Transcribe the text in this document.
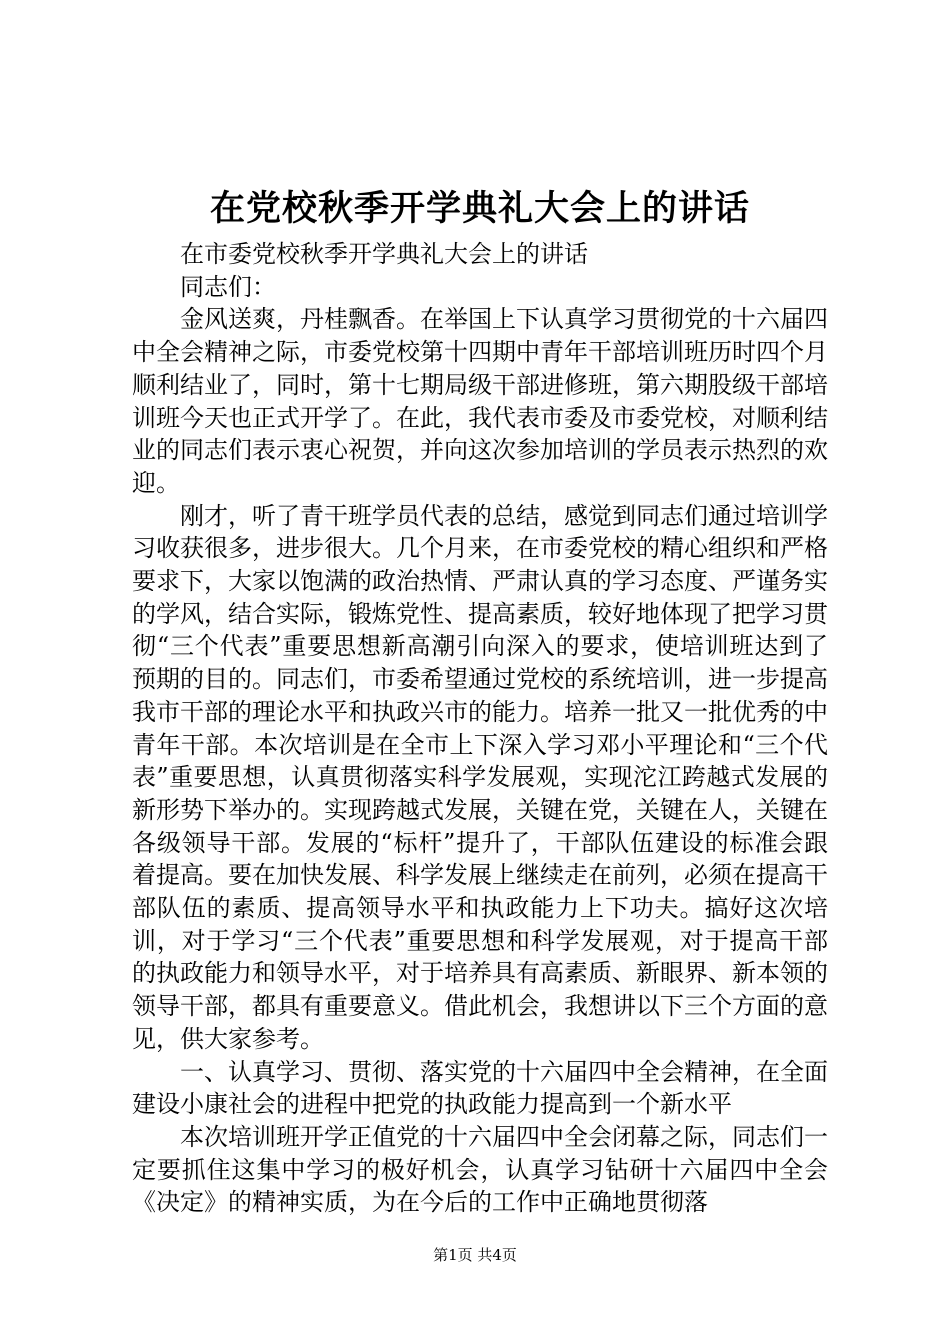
在党校秋季开学典礼大会上的讲话

在市委党校秋季开学典礼大会上的讲话

同志们：

金风送爽，丹桂飘香。在举国上下认真学习贯彻党的十六届四中全会精神之际，市委党校第十四期中青年干部培训班历时四个月顺利结业了，同时，第十七期局级干部进修班，第六期股级干部培训班今天也正式开学了。在此，我代表市委及市委党校，对顺利结业的同志们表示衷心祝贺，并向这次参加培训的学员表示热烈的欢迎。

刚才，听了青干班学员代表的总结，感觉到同志们通过培训学习收获很多，进步很大。几个月来，在市委党校的精心组织和严格要求下，大家以饱满的政治热情、严肃认真的学习态度、严谨务实的学风，结合实际，锻炼党性、提高素质，较好地体现了把学习贯彻“三个代表”重要思想新高潮引向深入的要求，使培训班达到了预期的目的。同志们，市委希望通过党校的系统培训，进一步提高我市干部的理论水平和执政兴市的能力。培养一批又一批优秀的中青年干部。本次培训是在全市上下深入学习邓小平理论和“三个代表”重要思想，认真贯彻落实科学发展观，实现沱江跨越式发展的新形势下举办的。实现跨越式发展，关键在党，关键在人，关键在各级领导干部。发展的“标杆”提升了，干部队伍建设的标准会跟着提高。要在加快发展、科学发展上继续走在前列，必须在提高干部队伍的素质、提高领导水平和执政能力上下功夫。搞好这次培训，对于学习“三个代表”重要思想和科学发展观，对于提高干部的执政能力和领导水平，对于培养具有高素质、新眼界、新本领的领导干部，都具有重要意义。借此机会，我想讲以下三个方面的意见，供大家参考。

一、认真学习、贯彻、落实党的十六届四中全会精神，在全面建设小康社会的进程中把党的执政能力提高到一个新水平

本次培训班开学正值党的十六届四中全会闭幕之际，同志们一定要抓住这集中学习的极好机会，认真学习钻研十六届四中全会《决定》的精神实质，为在今后的工作中正确地贯彻落

第1页 共4页
